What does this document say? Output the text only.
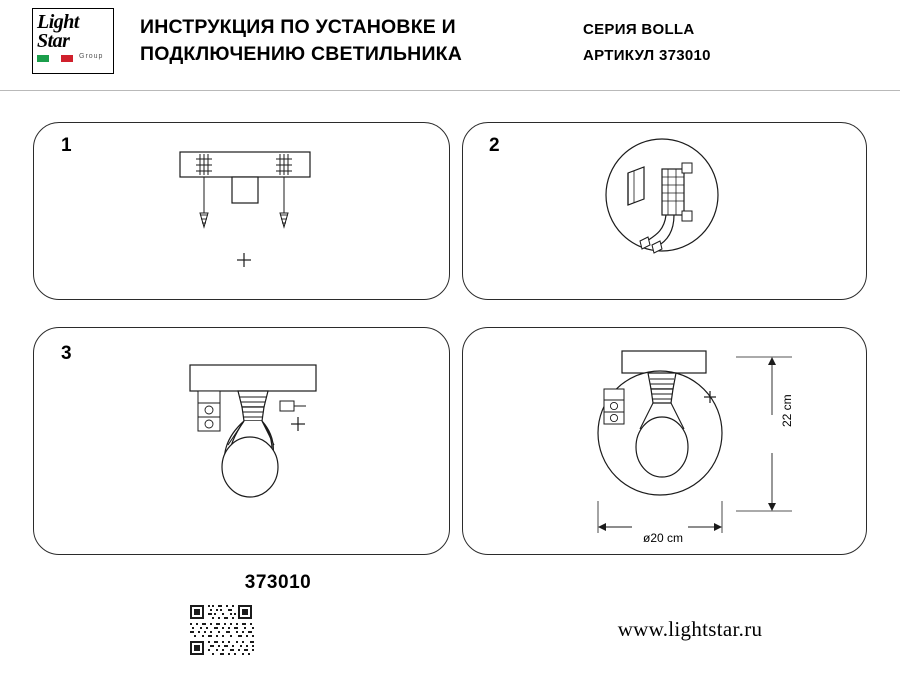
Light
Star
Group
ИНСТРУКЦИЯ ПО УСТАНОВКЕ И ПОДКЛЮЧЕНИЮ СВЕТИЛЬНИКА
СЕРИЯ BOLLA
АРТИКУЛ 373010
1	2
3
22 cm
ø20 cm
373010
www.lightstar.ru
